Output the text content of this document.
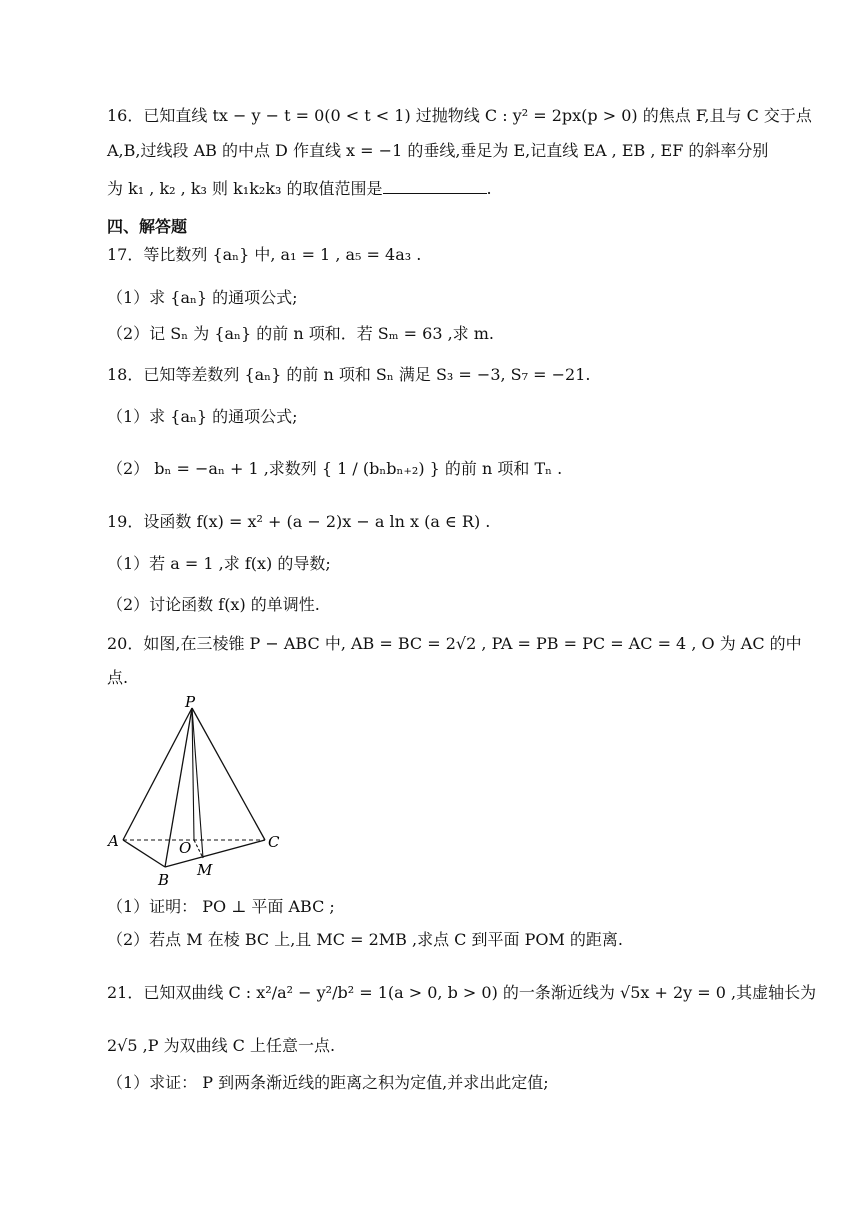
16．已知直线 tx − y − t = 0(0 < t < 1) 过抛物线 C : y² = 2px(p > 0) 的焦点 F,且与 C 交于点
A,B,过线段 AB 的中点 D 作直线 x = −1 的垂线,垂足为 E,记直线 EA , EB , EF 的斜率分别
为 k₁ , k₂ , k₃ 则 k₁k₂k₃ 的取值范围是	.
四、解答题
17．等比数列 {aₙ} 中, a₁ = 1 , a₅ = 4a₃ .
（1）求 {aₙ} 的通项公式;
（2）记 Sₙ 为 {aₙ} 的前 n 项和．若 Sₘ = 63 ,求 m.
18．已知等差数列 {aₙ} 的前 n 项和 Sₙ 满足 S₃ = −3, S₇ = −21.
（1）求 {aₙ} 的通项公式;
（2） bₙ = −aₙ + 1 ,求数列 { 1 / (bₙbₙ₊₂) } 的前 n 项和 Tₙ .
19．设函数 f(x) = x² + (a − 2)x − a ln x (a ∈ R) .
（1）若 a = 1 ,求 f(x) 的导数;
（2）讨论函数 f(x) 的单调性.
20．如图,在三棱锥 P − ABC 中, AB = BC = 2√2 , PA = PB = PC = AC = 4 , O 为 AC 的中
点.
P
A
B
C
O
M
（1）证明： PO ⊥ 平面 ABC ;
（2）若点 M 在棱 BC 上,且 MC = 2MB ,求点 C 到平面 POM 的距离.
21．已知双曲线 C : x²/a² − y²/b² = 1(a > 0, b > 0) 的一条渐近线为 √5x + 2y = 0 ,其虚轴长为
2√5 ,P 为双曲线 C 上任意一点.
（1）求证： P 到两条渐近线的距离之积为定值,并求出此定值;
